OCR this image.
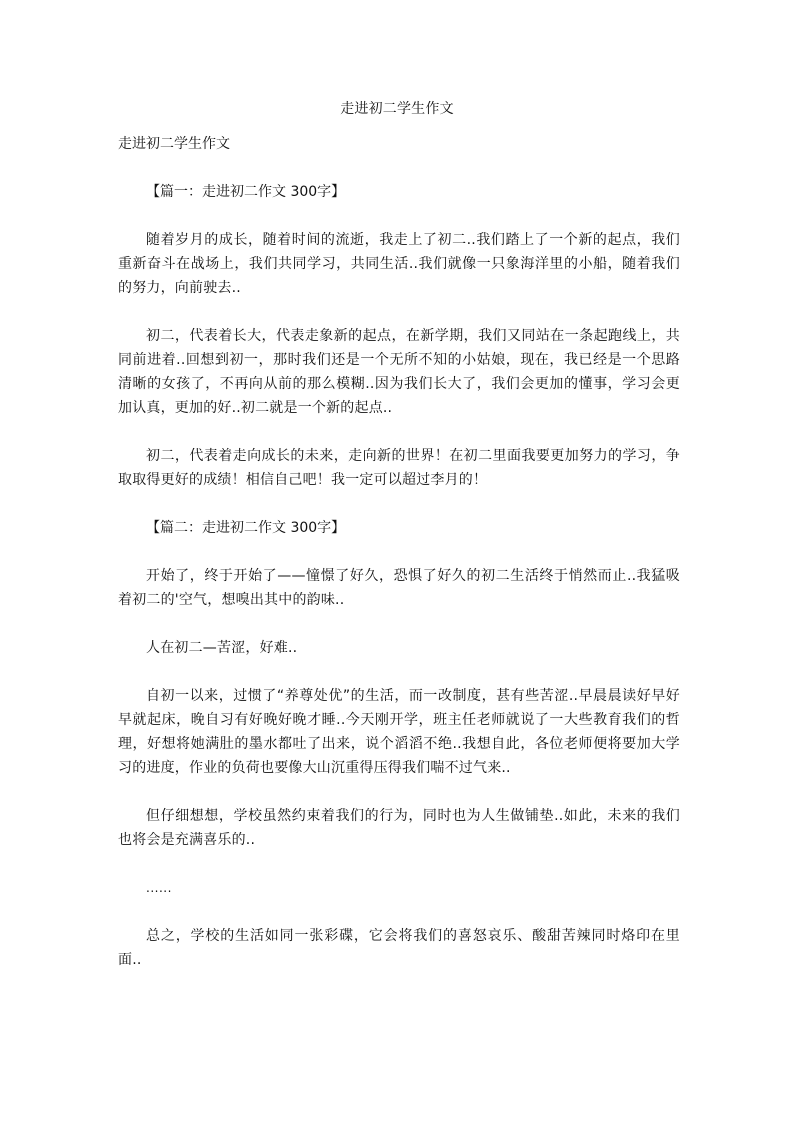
走进初二学生作文
走进初二学生作文

【篇一：走进初二作文 300字】

随着岁月的成长，随着时间的流逝，我走上了初二..我们踏上了一个新的起点，我们重新奋斗在战场上，我们共同学习，共同生活..我们就像一只象海洋里的小船，随着我们的努力，向前驶去..

初二，代表着长大，代表走象新的起点，在新学期，我们又同站在一条起跑线上，共同前进着..回想到初一，那时我们还是一个无所不知的小姑娘，现在，我已经是一个思路清晰的女孩了，不再向从前的那么模糊..因为我们长大了，我们会更加的懂事，学习会更加认真，更加的好..初二就是一个新的起点..

初二，代表着走向成长的未来，走向新的世界！在初二里面我要更加努力的学习，争取取得更好的成绩！相信自己吧！我一定可以超过李月的！

【篇二：走进初二作文 300字】

开始了，终于开始了——憧憬了好久，恐惧了好久的初二生活终于悄然而止..我猛吸着初二的'空气，想嗅出其中的韵味..

人在初二—苦涩，好难..

自初一以来，过惯了“养尊处优”的生活，而一改制度，甚有些苦涩..早晨晨读好早好早就起床，晚自习有好晚好晚才睡..今天刚开学，班主任老师就说了一大些教育我们的哲理，好想将她满肚的墨水都吐了出来，说个滔滔不绝..我想自此，各位老师便将要加大学习的进度，作业的负荷也要像大山沉重得压得我们喘不过气来..

但仔细想想，学校虽然约束着我们的行为，同时也为人生做铺垫..如此，未来的我们也将会是充满喜乐的..

......

总之，学校的生活如同一张彩碟，它会将我们的喜怒哀乐、酸甜苦辣同时烙印在里面..
